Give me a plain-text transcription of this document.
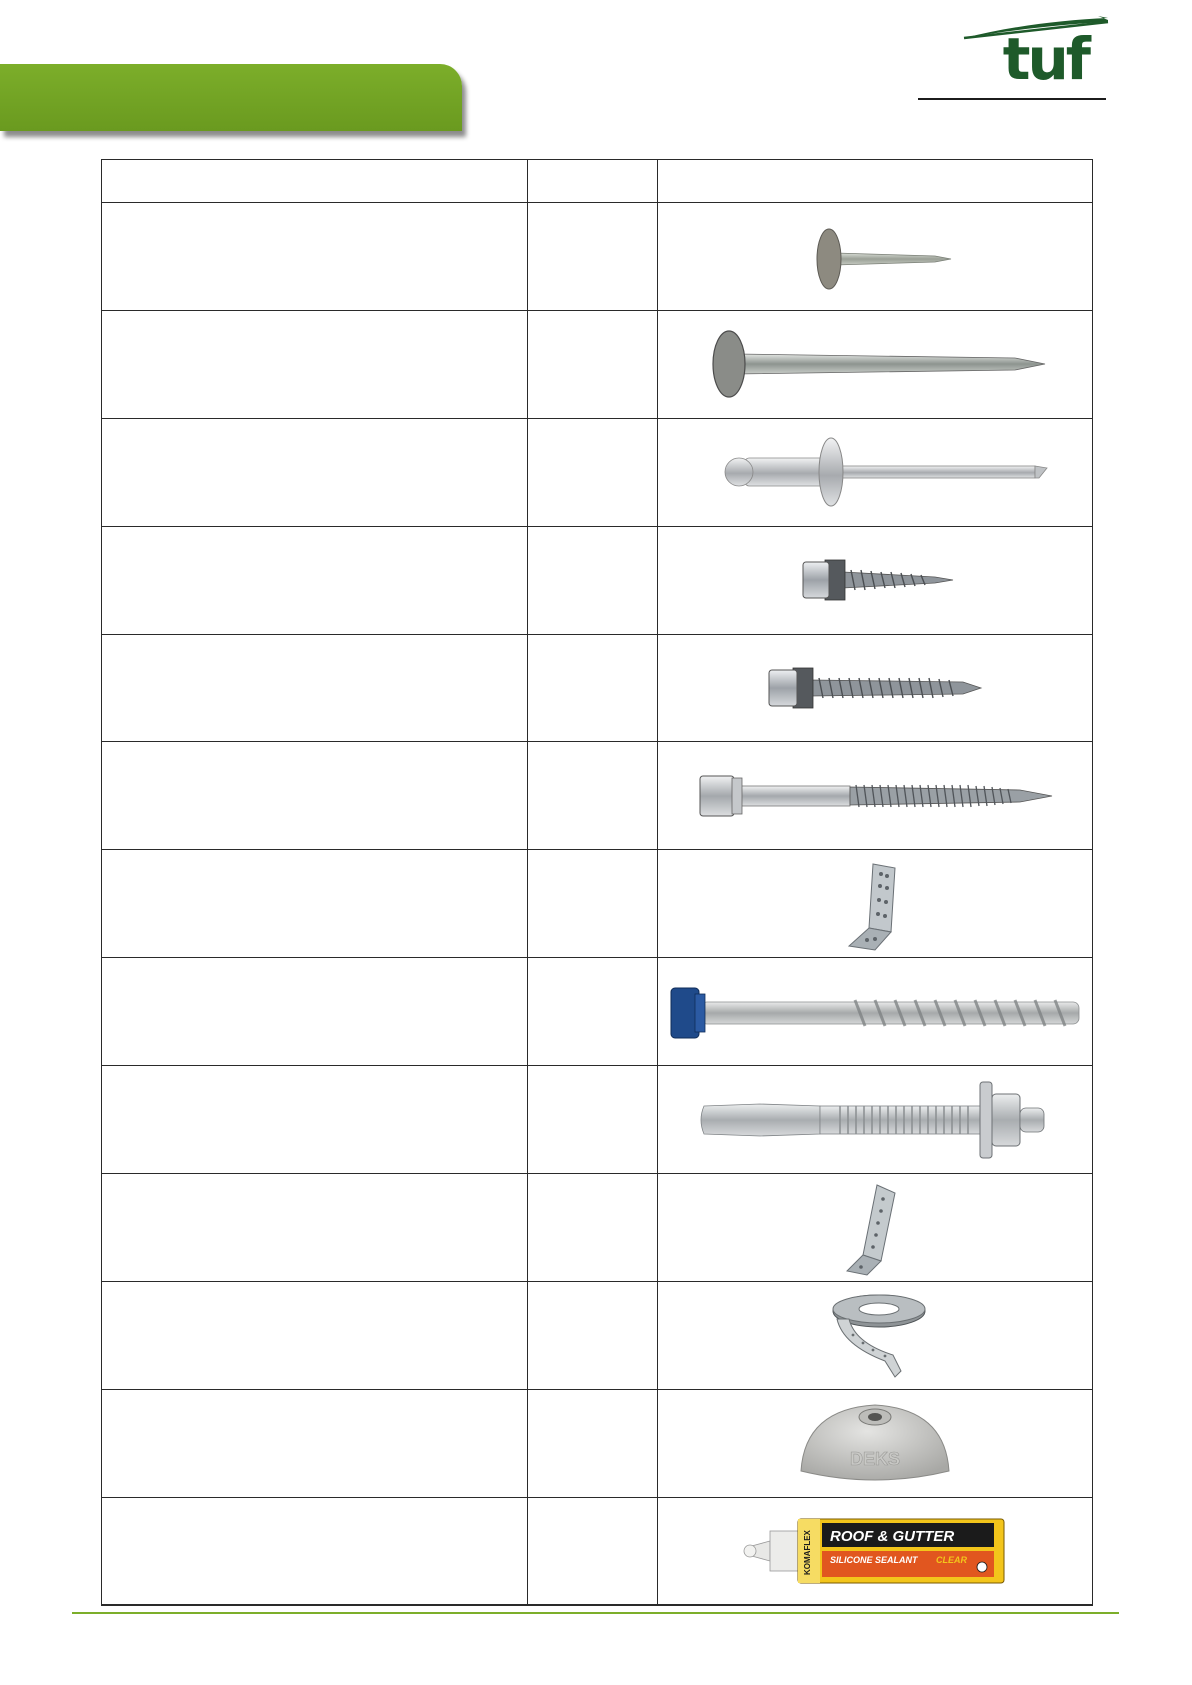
tuf

DEKS

KOMAFLEX ROOF & GUTTER
SILICONE SEALANT CLEAR
